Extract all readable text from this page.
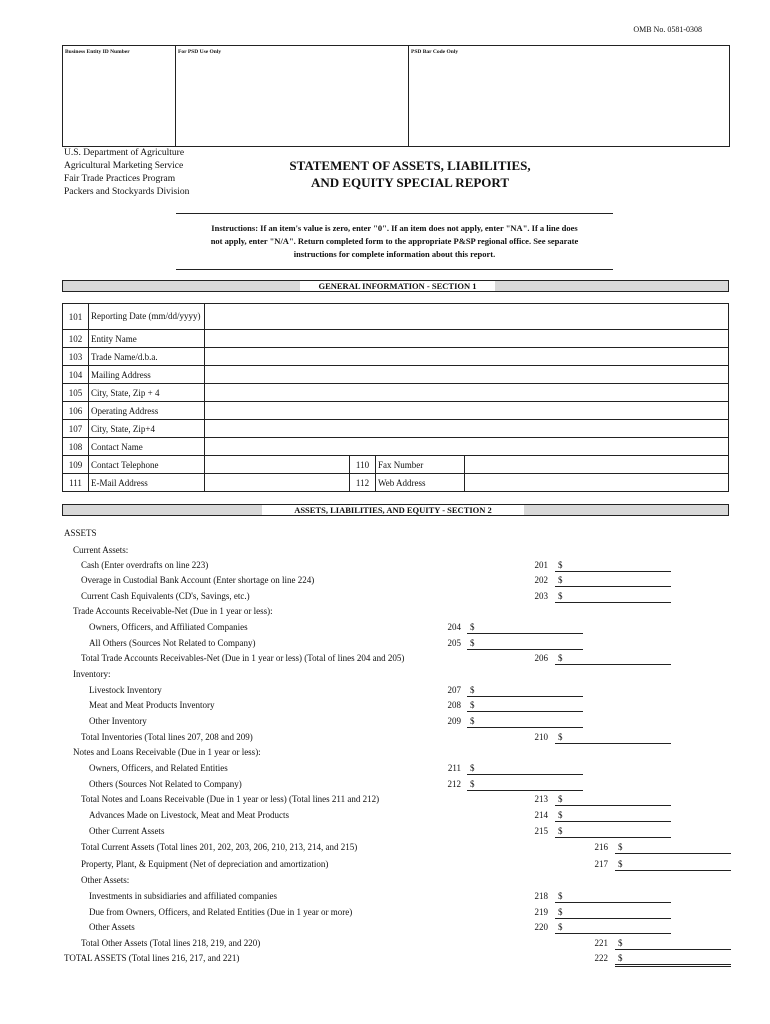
OMB No. 0581-0308
Business Entity ID Number	For PSD Use Only	PSD Bar Code Only
U.S. Department of Agriculture
Agricultural Marketing Service
Fair Trade Practices Program
Packers and Stockyards Division
STATEMENT OF ASSETS, LIABILITIES,
AND EQUITY SPECIAL REPORT
Instructions: If an item's value is zero, enter "0". If an item does not apply, enter "NA". If a line does
not apply, enter "N/A". Return completed form to the appropriate P&SP regional office. See separate
instructions for complete information about this report.
GENERAL INFORMATION - SECTION 1
101	Reporting Date (mm/dd/yyyy)				
102	Entity Name				
103	Trade Name/d.b.a.				
104	Mailing Address				
105	City, State, Zip + 4				
106	Operating Address				
107	City, State, Zip+4				
108	Contact Name				
109	Contact Telephone		110	Fax Number	
111	E-Mail Address		112	Web Address	
ASSETS, LIABILITIES, AND EQUITY - SECTION 2
ASSETS
Current Assets:
Cash (Enter overdrafts on line 223)	201 $
Overage in Custodial Bank Account (Enter shortage on line 224)	202 $
Current Cash Equivalents (CD's, Savings, etc.)	203 $
Trade Accounts Receivable-Net (Due in 1 year or less):
Owners, Officers, and Affiliated Companies	204 $
All Others (Sources Not Related to Company)	205 $
Total Trade Accounts Receivables-Net (Due in 1 year or less) (Total of lines 204 and 205)	206 $
Inventory:
Livestock Inventory	207 $
Meat and Meat Products Inventory	208 $
Other Inventory	209 $
Total Inventories (Total lines 207, 208 and 209)	210 $
Notes and Loans Receivable (Due in 1 year or less):
Owners, Officers, and Related Entities	211 $
Others (Sources Not Related to Company)	212 $
Total Notes and Loans Receivable (Due in 1 year or less) (Total lines 211 and 212)	213 $
Advances Made on Livestock, Meat and Meat Products	214 $
Other Current Assets	215 $
Total Current Assets (Total lines 201, 202, 203, 206, 210, 213, 214, and 215)	216 $
Property, Plant, & Equipment (Net of depreciation and amortization)	217 $
Other Assets:
Investments in subsidiaries and affiliated companies	218 $
Due from Owners, Officers, and Related Entities (Due in 1 year or more)	219 $
Other Assets	220 $
Total Other Assets (Total lines 218, 219, and 220)	221 $
TOTAL ASSETS (Total lines 216, 217, and 221)	222 $
